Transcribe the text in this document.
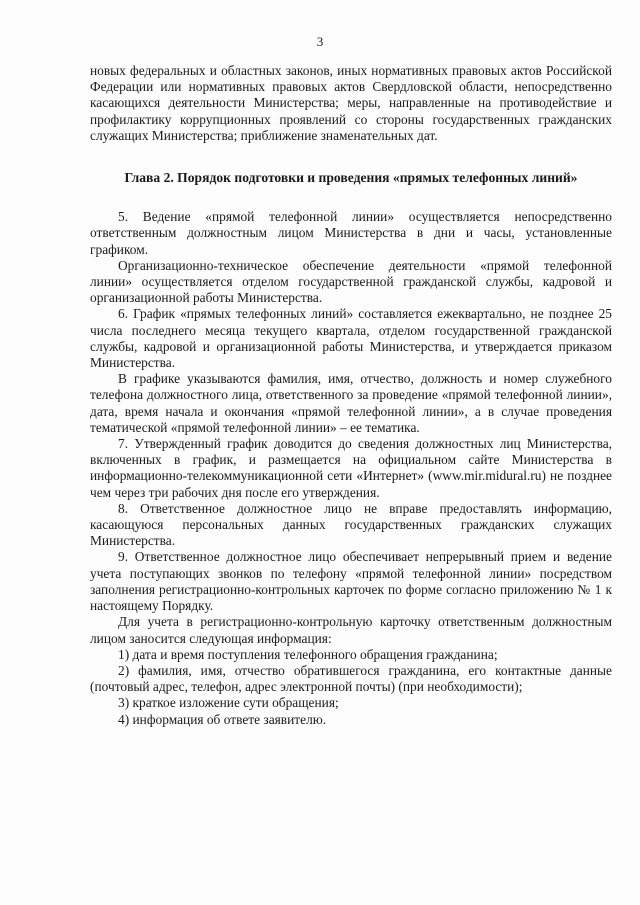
3

новых федеральных и областных законов, иных нормативных правовых актов Российской Федерации или нормативных правовых актов Свердловской области, непосредственно касающихся деятельности Министерства; меры, направленные на противодействие и профилактику коррупционных проявлений со стороны государственных гражданских служащих Министерства; приближение знаменательных дат.

Глава 2. Порядок подготовки и проведения «прямых телефонных линий»

5. Ведение «прямой телефонной линии» осуществляется непосредственно ответственным должностным лицом Министерства в дни и часы, установленные графиком.

Организационно-техническое обеспечение деятельности «прямой телефонной линии» осуществляется отделом государственной гражданской службы, кадровой и организационной работы Министерства.

6. График «прямых телефонных линий» составляется ежеквартально, не позднее 25 числа последнего месяца текущего квартала, отделом государственной гражданской службы, кадровой и организационной работы Министерства, и утверждается приказом Министерства.

В графике указываются фамилия, имя, отчество, должность и номер служебного телефона должностного лица, ответственного за проведение «прямой телефонной линии», дата, время начала и окончания «прямой телефонной линии», а в случае проведения тематической «прямой телефонной линии» – ее тематика.

7. Утвержденный график доводится до сведения должностных лиц Министерства, включенных в график, и размещается на официальном сайте Министерства в информационно-телекоммуникационной сети «Интернет» (www.mir.midural.ru) не позднее чем через три рабочих дня после его утверждения.

8. Ответственное должностное лицо не вправе предоставлять информацию, касающуюся персональных данных государственных гражданских служащих Министерства.

9. Ответственное должностное лицо обеспечивает непрерывный прием и ведение учета поступающих звонков по телефону «прямой телефонной линии» посредством заполнения регистрационно-контрольных карточек по форме согласно приложению № 1 к настоящему Порядку.

Для учета в регистрационно-контрольную карточку ответственным должностным лицом заносится следующая информация:

1) дата и время поступления телефонного обращения гражданина;

2) фамилия, имя, отчество обратившегося гражданина, его контактные данные (почтовый адрес, телефон, адрес электронной почты) (при необходимости);

3) краткое изложение сути обращения;

4) информация об ответе заявителю.
